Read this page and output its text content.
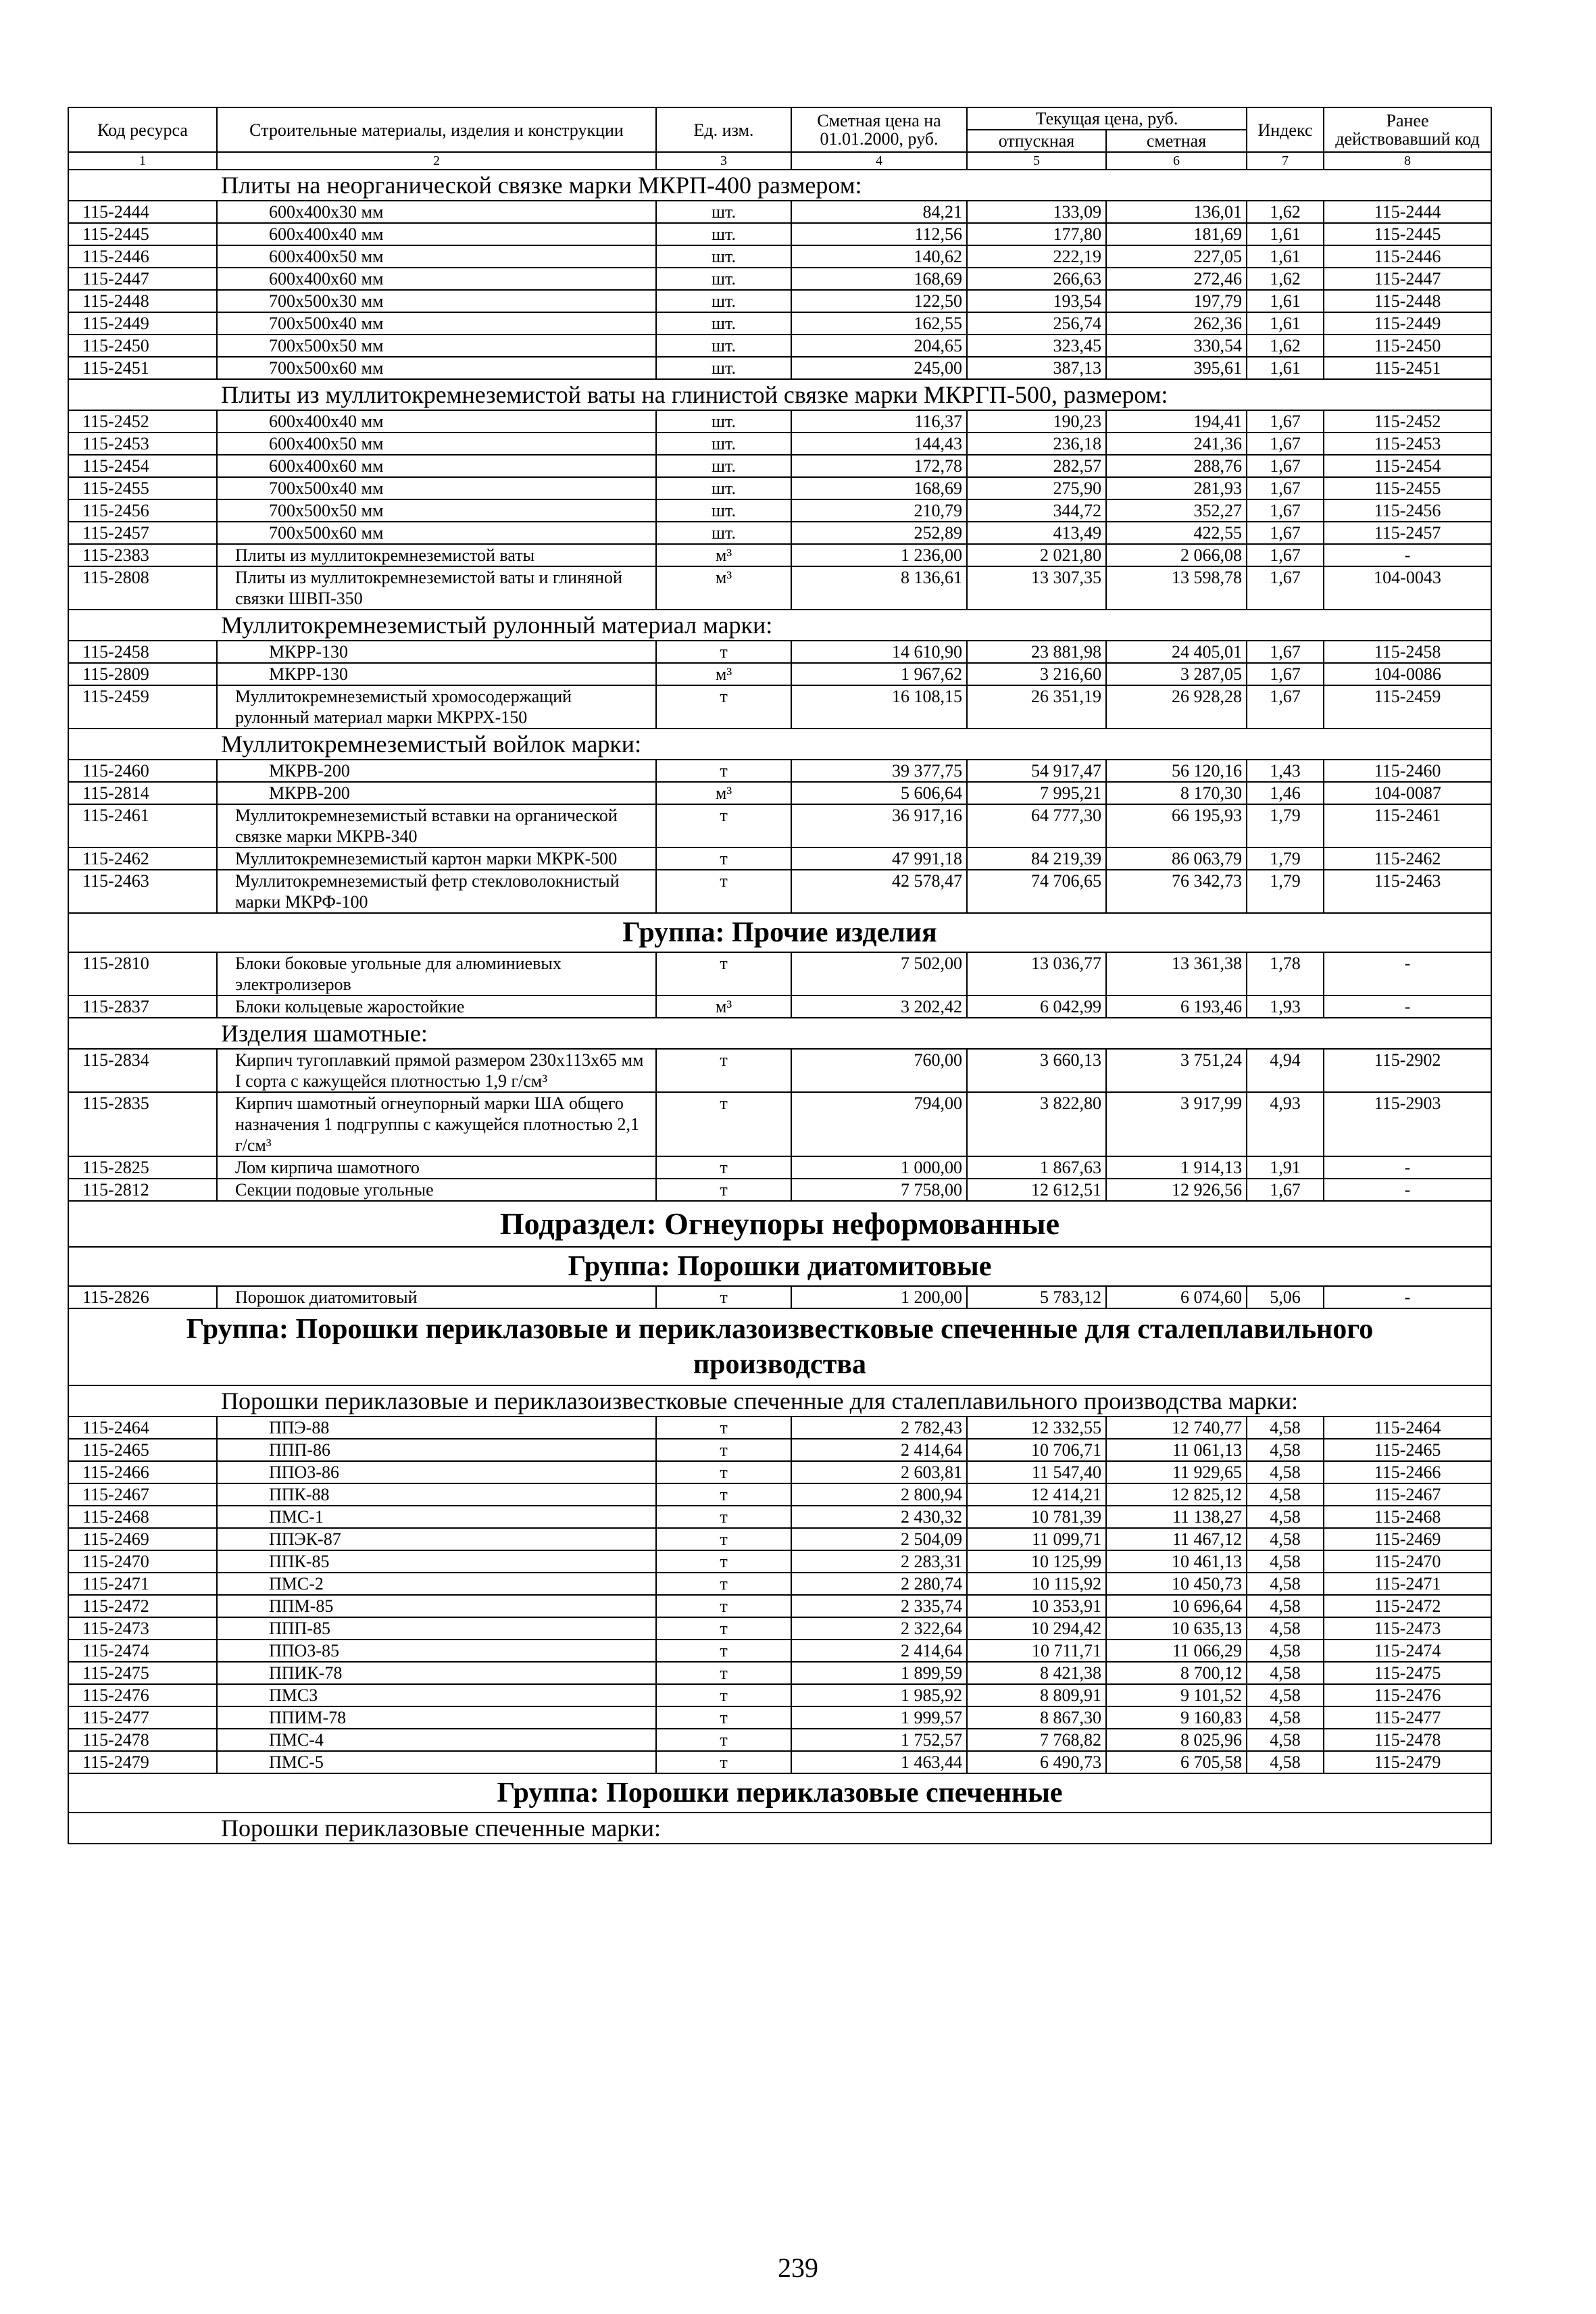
Код ресурса	Строительные материалы, изделия и конструкции	Ед. изм.	Сметная цена на 01.01.2000, руб.	Текущая цена, руб.		Индекс	Ранее действовавший код
				отпускная	сметная		
1	2	3	4	5	6	7	8
Плиты на неорганической связке марки МКРП-400 размером:							
115-2444	600x400x30 мм	шт.	84,21	133,09	136,01	1,62	115-2444
115-2445	600x400x40 мм	шт.	112,56	177,80	181,69	1,61	115-2445
115-2446	600x400x50 мм	шт.	140,62	222,19	227,05	1,61	115-2446
115-2447	600x400x60 мм	шт.	168,69	266,63	272,46	1,62	115-2447
115-2448	700x500x30 мм	шт.	122,50	193,54	197,79	1,61	115-2448
115-2449	700x500x40 мм	шт.	162,55	256,74	262,36	1,61	115-2449
115-2450	700x500x50 мм	шт.	204,65	323,45	330,54	1,62	115-2450
115-2451	700x500x60 мм	шт.	245,00	387,13	395,61	1,61	115-2451
Плиты из муллитокремнеземистой ваты на глинистой связке марки МКРГП-500, размером:							
115-2452	600x400x40 мм	шт.	116,37	190,23	194,41	1,67	115-2452
115-2453	600x400x50 мм	шт.	144,43	236,18	241,36	1,67	115-2453
115-2454	600x400x60 мм	шт.	172,78	282,57	288,76	1,67	115-2454
115-2455	700x500x40 мм	шт.	168,69	275,90	281,93	1,67	115-2455
115-2456	700x500x50 мм	шт.	210,79	344,72	352,27	1,67	115-2456
115-2457	700x500x60 мм	шт.	252,89	413,49	422,55	1,67	115-2457
115-2383	Плиты из муллитокремнеземистой ваты	м³	1 236,00	2 021,80	2 066,08	1,67	-
115-2808	Плиты из муллитокремнеземистой ваты и глиняной связки ШВП-350	м³	8 136,61	13 307,35	13 598,78	1,67	104-0043
Муллитокремнеземистый рулонный материал марки:							
115-2458	МКРР-130	т	14 610,90	23 881,98	24 405,01	1,67	115-2458
115-2809	МКРР-130	м³	1 967,62	3 216,60	3 287,05	1,67	104-0086
115-2459	Муллитокремнеземистый хромосодержащий рулонный материал марки МКРРХ-150	т	16 108,15	26 351,19	26 928,28	1,67	115-2459
Муллитокремнеземистый войлок марки:							
115-2460	МКРВ-200	т	39 377,75	54 917,47	56 120,16	1,43	115-2460
115-2814	МКРВ-200	м³	5 606,64	7 995,21	8 170,30	1,46	104-0087
115-2461	Муллитокремнеземистый вставки на органической связке марки МКРВ-340	т	36 917,16	64 777,30	66 195,93	1,79	115-2461
115-2462	Муллитокремнеземистый картон марки МКРК-500	т	47 991,18	84 219,39	86 063,79	1,79	115-2462
115-2463	Муллитокремнеземистый фетр стекловолокнистый марки МКРФ-100	т	42 578,47	74 706,65	76 342,73	1,79	115-2463
Группа: Прочие изделия							
115-2810	Блоки боковые угольные для алюминиевых электролизеров	т	7 502,00	13 036,77	13 361,38	1,78	-
115-2837	Блоки кольцевые жаростойкие	м³	3 202,42	6 042,99	6 193,46	1,93	-
Изделия шамотные:							
115-2834	Кирпич тугоплавкий прямой размером 230x113x65 мм I сорта с кажущейся плотностью 1,9 г/см³	т	760,00	3 660,13	3 751,24	4,94	115-2902
115-2835	Кирпич шамотный огнеупорный марки ША общего назначения 1 подгруппы с кажущейся плотностью 2,1 г/см³	т	794,00	3 822,80	3 917,99	4,93	115-2903
115-2825	Лом кирпича шамотного	т	1 000,00	1 867,63	1 914,13	1,91	-
115-2812	Секции подовые угольные	т	7 758,00	12 612,51	12 926,56	1,67	-
Подраздел: Огнеупоры неформованные							
Группа: Порошки диатомитовые							
115-2826	Порошок диатомитовый	т	1 200,00	5 783,12	6 074,60	5,06	-
Группа: Порошки периклазовые и периклазоизвестковые спеченные для сталеплавильного производства							
Порошки периклазовые и периклазоизвестковые спеченные для сталеплавильного производства марки:							
115-2464	ППЭ-88	т	2 782,43	12 332,55	12 740,77	4,58	115-2464
115-2465	ППП-86	т	2 414,64	10 706,71	11 061,13	4,58	115-2465
115-2466	ППОЗ-86	т	2 603,81	11 547,40	11 929,65	4,58	115-2466
115-2467	ППК-88	т	2 800,94	12 414,21	12 825,12	4,58	115-2467
115-2468	ПМС-1	т	2 430,32	10 781,39	11 138,27	4,58	115-2468
115-2469	ППЭК-87	т	2 504,09	11 099,71	11 467,12	4,58	115-2469
115-2470	ППК-85	т	2 283,31	10 125,99	10 461,13	4,58	115-2470
115-2471	ПМС-2	т	2 280,74	10 115,92	10 450,73	4,58	115-2471
115-2472	ППМ-85	т	2 335,74	10 353,91	10 696,64	4,58	115-2472
115-2473	ППП-85	т	2 322,64	10 294,42	10 635,13	4,58	115-2473
115-2474	ППОЗ-85	т	2 414,64	10 711,71	11 066,29	4,58	115-2474
115-2475	ППИК-78	т	1 899,59	8 421,38	8 700,12	4,58	115-2475
115-2476	ПМСЗ	т	1 985,92	8 809,91	9 101,52	4,58	115-2476
115-2477	ППИМ-78	т	1 999,57	8 867,30	9 160,83	4,58	115-2477
115-2478	ПМС-4	т	1 752,57	7 768,82	8 025,96	4,58	115-2478
115-2479	ПМС-5	т	1 463,44	6 490,73	6 705,58	4,58	115-2479
Группа: Порошки периклазовые спеченные							
Порошки периклазовые спеченные марки:							
239
